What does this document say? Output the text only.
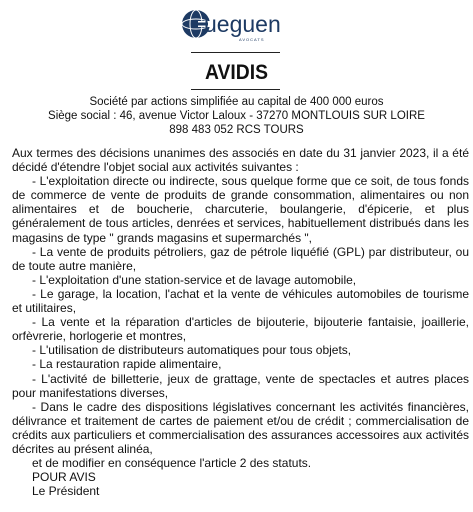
ueguen
AVOCATS
AVIDIS
Société par actions simplifiée au capital de 400 000 euros
Siège social : 46, avenue Victor Laloux - 37270 MONTLOUIS SUR LOIRE
898 483 052 RCS TOURS

Aux termes des décisions unanimes des associés en date du 31 janvier 2023, il a été décidé d'étendre l'objet social aux activités suivantes :

- L'exploitation directe ou indirecte, sous quelque forme que ce soit, de tous fonds de commerce de vente de produits de grande consommation, alimentaires ou non alimentaires et de boucherie, charcuterie, boulangerie, d'épicerie, et plus généralement de tous articles, denrées et services, habituellement distribués dans les magasins de type " grands magasins et supermarchés ",

- La vente de produits pétroliers, gaz de pétrole liquéfié (GPL) par distributeur, ou de toute autre manière,

- L'exploitation d'une station-service et de lavage automobile,

- Le garage, la location, l'achat et la vente de véhicules automobiles de tourisme et utilitaires,

- La vente et la réparation d'articles de bijouterie, bijouterie fantaisie, joaillerie, orfèvrerie, horlogerie et montres,

- L'utilisation de distributeurs automatiques pour tous objets,

- La restauration rapide alimentaire,

- L'activité de billetterie, jeux de grattage, vente de spectacles et autres places pour manifestations diverses,

- Dans le cadre des dispositions législatives concernant les activités financières, délivrance et traitement de cartes de paiement et/ou de crédit ; commercialisation de crédits aux particuliers et commercialisation des assurances accessoires aux activités décrites au présent alinéa,

et de modifier en conséquence l'article 2 des statuts.

POUR AVIS

Le Président
